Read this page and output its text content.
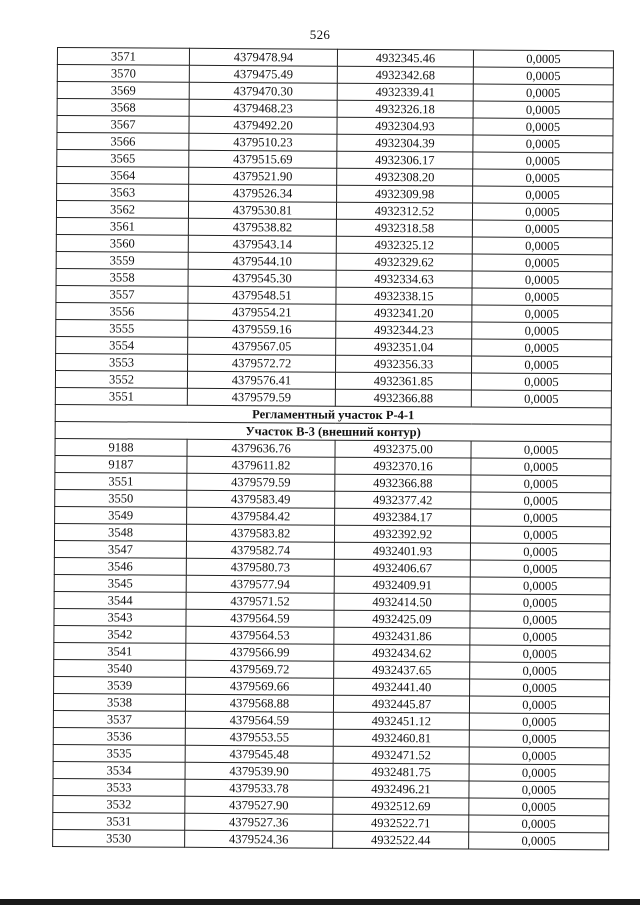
526
3571	4379478.94	4932345.46	0,0005
3570	4379475.49	4932342.68	0,0005
3569	4379470.30	4932339.41	0,0005
3568	4379468.23	4932326.18	0,0005
3567	4379492.20	4932304.93	0,0005
3566	4379510.23	4932304.39	0,0005
3565	4379515.69	4932306.17	0,0005
3564	4379521.90	4932308.20	0,0005
3563	4379526.34	4932309.98	0,0005
3562	4379530.81	4932312.52	0,0005
3561	4379538.82	4932318.58	0,0005
3560	4379543.14	4932325.12	0,0005
3559	4379544.10	4932329.62	0,0005
3558	4379545.30	4932334.63	0,0005
3557	4379548.51	4932338.15	0,0005
3556	4379554.21	4932341.20	0,0005
3555	4379559.16	4932344.23	0,0005
3554	4379567.05	4932351.04	0,0005
3553	4379572.72	4932356.33	0,0005
3552	4379576.41	4932361.85	0,0005
3551	4379579.59	4932366.88	0,0005
Регламентный участок Р-4-1			
Участок В-3 (внешний контур)			
9188	4379636.76	4932375.00	0,0005
9187	4379611.82	4932370.16	0,0005
3551	4379579.59	4932366.88	0,0005
3550	4379583.49	4932377.42	0,0005
3549	4379584.42	4932384.17	0,0005
3548	4379583.82	4932392.92	0,0005
3547	4379582.74	4932401.93	0,0005
3546	4379580.73	4932406.67	0,0005
3545	4379577.94	4932409.91	0,0005
3544	4379571.52	4932414.50	0,0005
3543	4379564.59	4932425.09	0,0005
3542	4379564.53	4932431.86	0,0005
3541	4379566.99	4932434.62	0,0005
3540	4379569.72	4932437.65	0,0005
3539	4379569.66	4932441.40	0,0005
3538	4379568.88	4932445.87	0,0005
3537	4379564.59	4932451.12	0,0005
3536	4379553.55	4932460.81	0,0005
3535	4379545.48	4932471.52	0,0005
3534	4379539.90	4932481.75	0,0005
3533	4379533.78	4932496.21	0,0005
3532	4379527.90	4932512.69	0,0005
3531	4379527.36	4932522.71	0,0005
3530	4379524.36	4932522.44	0,0005
